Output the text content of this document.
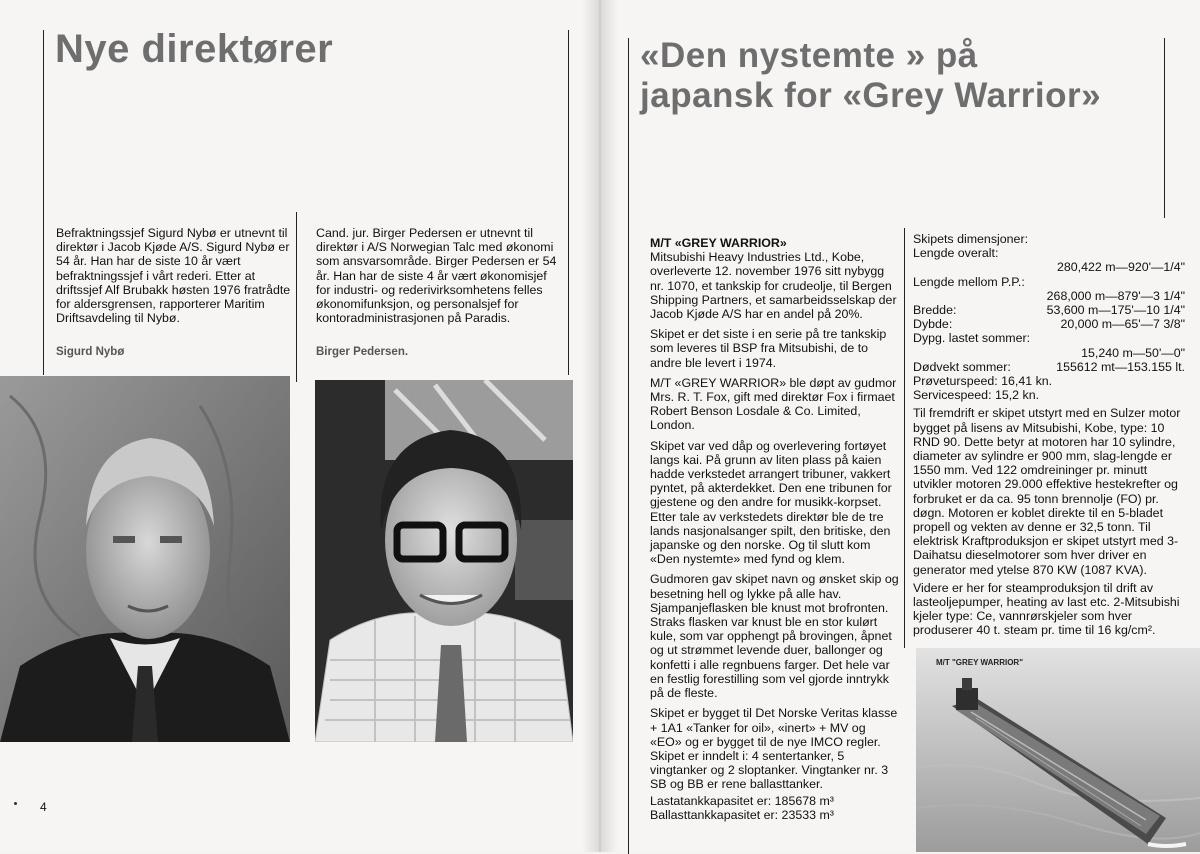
Nye direktører
Befraktningssjef Sigurd Nybø er utnevnt til direktør i Jacob Kjøde A/S. Sigurd Nybø er 54 år. Han har de siste 10 år vært befraktningssjef i vårt rederi. Etter at driftssjef Alf Brubakk høsten 1976 fratrådte for aldersgrensen, rapporterer Maritim Driftsavdeling til Nybø.
Cand. jur. Birger Pedersen er utnevnt til direktør i A/S Norwegian Talc med økonomi som ansvarsområde. Birger Pedersen er 54 år. Han har de siste 4 år vært økonomisjef for industri- og rederivirksomhetens felles økonomifunksjon, og personalsjef for kontoradministrasjonen på Paradis.
Sigurd Nybø	Birger Pedersen.
4
«Den nystemte » på japansk for «Grey Warrior»

M/T «GREY WARRIOR»

Mitsubishi Heavy Industries Ltd., Kobe, overleverte 12. november 1976 sitt nybygg nr. 1070, et tankskip for crudeolje, til Bergen Shipping Partners, et samarbeidsselskap der Jacob Kjøde A/S har en andel på 20%.

Skipet er det siste i en serie på tre tankskip som leveres til BSP fra Mitsubishi, de to andre ble levert i 1974.

M/T «GREY WARRIOR» ble døpt av gudmor Mrs. R. T. Fox, gift med direktør Fox i firmaet Robert Benson Losdale & Co. Limited, London.

Skipet var ved dåp og overlevering fortøyet langs kai. På grunn av liten plass på kaien hadde verkstedet arrangert tribuner, vakkert pyntet, på akterdekket. Den ene tribunen for gjestene og den andre for musikk-korpset.

Etter tale av verkstedets direktør ble de tre lands nasjonalsanger spilt, den britiske, den japanske og den norske. Og til slutt kom «Den nystemte» med fynd og klem.

Gudmoren gav skipet navn og ønsket skip og besetning hell og lykke på alle hav. Sjampanjeflasken ble knust mot brofronten. Straks flasken var knust ble en stor kulørt kule, som var opphengt på brovingen, åpnet og ut strømmet levende duer, ballonger og konfetti i alle regnbuens farger. Det hele var en festlig forestilling som vel gjorde inntrykk på de fleste.

Skipet er bygget til Det Norske Veritas klasse + 1A1 «Tanker for oil», «inert» + MV og «EO» og er bygget til de nye IMCO regler. Skipet er inndelt i: 4 sentertanker, 5 vingtanker og 2 sloptanker. Vingtanker nr. 3 SB og BB er rene ballasttanker.

Lastatankkapasitet er: 185678 m³

Ballasttankkapasitet er: 23533 m³

Skipets dimensjoner:
Lengde overalt:
280,422 m—920'—1/4"
Lengde mellom P.P.:
268,000 m—879'—3 1/4"
Bredde:	53,600 m—175'—10 1/4"
Dybde:	20,000 m—65'—7 3/8"
Dypg. lastet sommer:
15,240 m—50'—0"
Dødvekt sommer:	155612 mt—153.155 lt.
Prøveturspeed: 16,41 kn.
Servicespeed: 15,2 kn.

Til fremdrift er skipet utstyrt med en Sulzer motor bygget på lisens av Mitsubishi, Kobe, type: 10 RND 90. Dette betyr at motoren har 10 sylindre, diameter av sylindre er 900 mm, slag-lengde er 1550 mm. Ved 122 omdreininger pr. minutt utvikler motoren 29.000 effektive hestekrefter og forbruket er da ca. 95 tonn brennolje (FO) pr. døgn. Motoren er koblet direkte til en 5-bladet propell og vekten av denne er 32,5 tonn. Til elektrisk Kraftproduksjon er skipet utstyrt med 3-Daihatsu dieselmotorer som hver driver en generator med ytelse 870 KW (1087 KVA).

Videre er her for steamproduksjon til drift av lasteoljepumper, heating av last etc. 2-Mitsubishi kjeler type: Ce, vannrørskjeler som hver produserer 40 t. steam pr. time til 16 kg/cm².

M/T "GREY WARRIOR"
